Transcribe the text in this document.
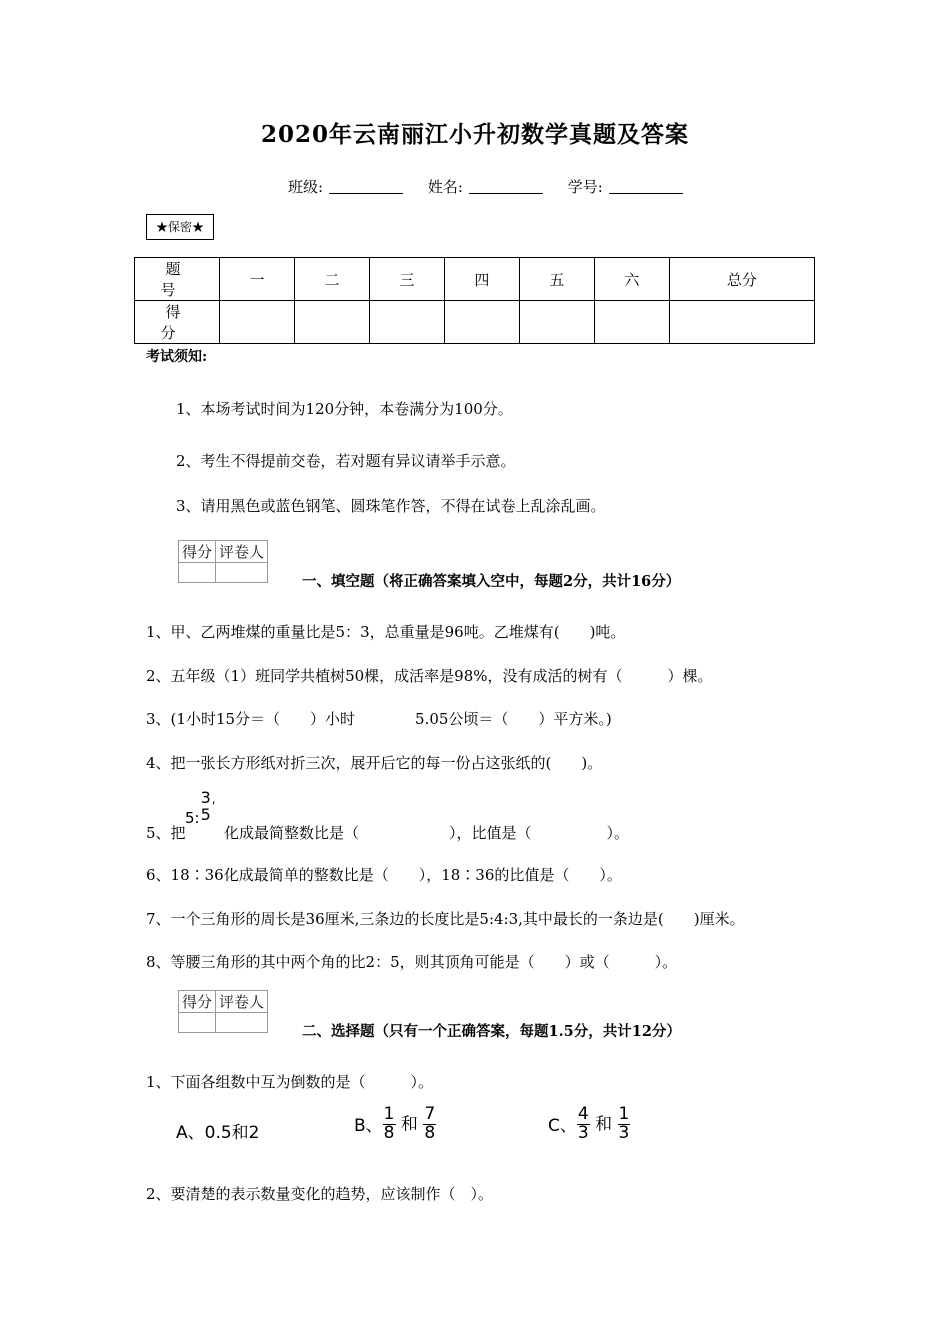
2020年云南丽江小升初数学真题及答案
班级:	姓名:	学号:
★保密★
题 号	一	二	三	四	五	六	总分
得 分							
考试须知:
1、本场考试时间为120分钟，本卷满分为100分。
2、考生不得提前交卷，若对题有异议请举手示意。
3、请用黑色或蓝色钢笔、圆珠笔作答，不得在试卷上乱涂乱画。
得分	评卷人

一、填空题（将正确答案填入空中，每题2分，共计16分）
1、甲、乙两堆煤的重量比是5：3，总重量是96吨。乙堆煤有(　　)吨。
2、五年级（1）班同学共植树50棵，成活率是98%，没有成活的树有（　　　）棵。
3、(1小时15分＝（　　）小时　　　　5.05公顷＝（　　）平方米。)
4、把一张长方形纸对折三次，展开后它的每一份占这张纸的(　　)。
5、把
5:
3
5
,
化成最简整数比是（　　　　　　），比值是（　　　　　）。
6、18∶36化成最简单的整数比是（　　），18∶36的比值是（　　）。
7、一个三角形的周长是36厘米,三条边的长度比是5:4:3,其中最长的一条边是(　　)厘米。
8、等腰三角形的其中两个角的比2：5，则其顶角可能是（　　）或（　　　）。
得分	评卷人

二、选择题（只有一个正确答案，每题1.5分，共计12分）
1、下面各组数中互为倒数的是（　　　）。
A、0.5和2	B、 $\frac{1}{8}$ 和 $\frac{7}{8}$	C、 $\frac{4}{3}$ 和 $\frac{1}{3}$
2、要清楚的表示数量变化的趋势，应该制作（　）。
